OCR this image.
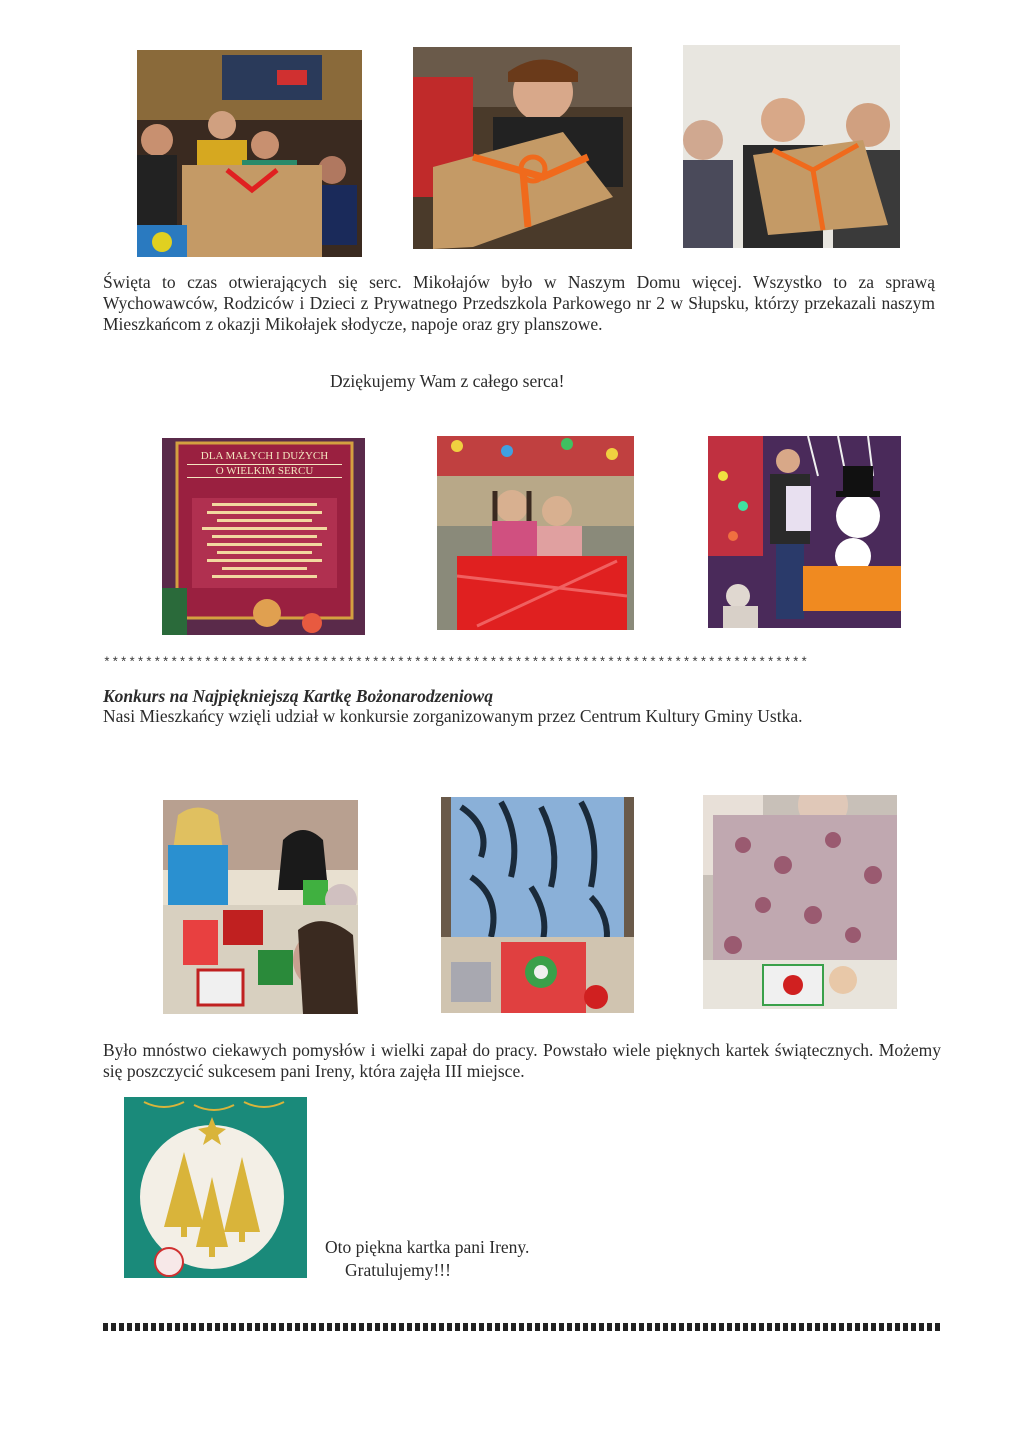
Święta to czas otwierających się serc. Mikołajów było w Naszym Domu więcej. Wszystko to za sprawą Wychowawców, Rodziców i Dzieci z Prywatnego Przedszkola Parkowego nr 2 w Słupsku, którzy przekazali naszym Mieszkańcom z okazji Mikołajek słodycze, napoje oraz gry planszowe.
Dziękujemy Wam z całego serca!
DLA MAŁYCH I DUŻYCH
O WIELKIM SERCU
************************************************************************************
Konkurs na Najpiękniejszą Kartkę Bożonarodzeniową
Nasi Mieszkańcy wzięli udział w konkursie zorganizowanym przez Centrum Kultury Gminy Ustka.
Było mnóstwo ciekawych pomysłów i wielki zapał do pracy. Powstało wiele pięknych kartek świątecznych. Możemy się poszczycić sukcesem pani Ireny, która zajęła III miejsce.
Oto piękna kartka pani Ireny.
Gratulujemy!!!
